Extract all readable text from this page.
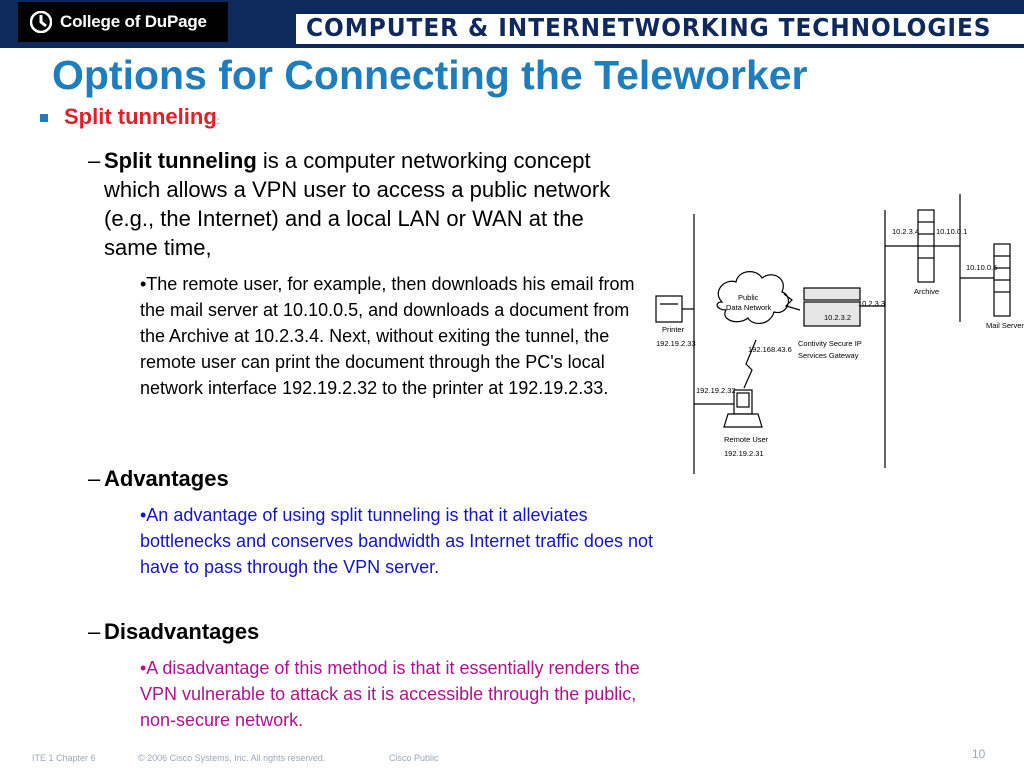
College of DuPage	COMPUTER & INTERNETWORKING TECHNOLOGIES
Options for Connecting the Teleworker
Split tunneling:
– Split tunneling is a computer networking concept which allows a VPN user to access a public network (e.g., the Internet) and a local LAN or WAN at the same time,
•The remote user, for example, then downloads his email from the mail server at 10.10.0.5, and downloads a document from the Archive at 10.2.3.4. Next, without exiting the tunnel, the remote user can print the document through the PC's local network interface 192.19.2.32 to the printer at 192.19.2.33.
– Advantages
•An advantage of using split tunneling is that it alleviates bottlenecks and conserves bandwidth as Internet traffic does not have to pass through the VPN server.
– Disadvantages
•A disadvantage of this method is that it essentially renders the VPN vulnerable to attack as it is accessible through the public, non-secure network.
Public
Data Network
Printer
192.19.2.33
192.19.2.32
Remote User
192.19.2.31
10.2.3.2
10.2.3.3
192.168.43.6
Contivity Secure IP
Services Gateway
10.2.3.4 10.10.0.1
Archive
10.10.0.5
Mail Server
ITE 1 Chapter 6	© 2006 Cisco Systems, Inc. All rights reserved.	Cisco Public	10
